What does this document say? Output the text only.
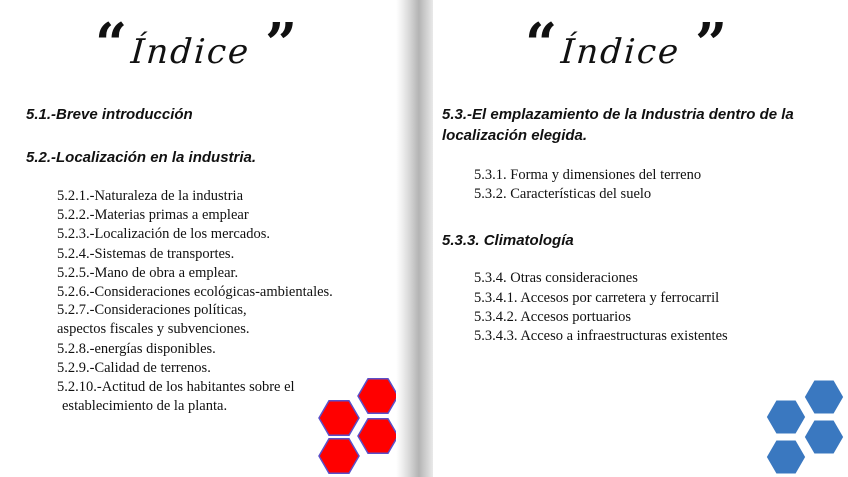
“ Índice ”
5.1.-Breve introducción
5.2.-Localización en la industria.
5.2.1.-Naturaleza de la industria
5.2.2.-Materias primas a emplear
5.2.3.-Localización de los mercados.
5.2.4.-Sistemas de transportes.
5.2.5.-Mano de obra a emplear.
5.2.6.-Consideraciones ecológicas-ambientales.
5.2.7.-Consideraciones políticas,
aspectos fiscales y subvenciones.
5.2.8.-energías disponibles.
5.2.9.-Calidad de terrenos.
5.2.10.-Actitud de los habitantes sobre el
establecimiento de la planta.
“ Índice ”
5.3.-El emplazamiento de la Industria dentro de la
localización elegida.
5.3.1. Forma y dimensiones del terreno
5.3.2. Características del suelo
5.3.3. Climatología
5.3.4. Otras consideraciones
5.3.4.1. Accesos por carretera y ferrocarril
5.3.4.2. Accesos portuarios
5.3.4.3. Acceso a infraestructuras existentes
